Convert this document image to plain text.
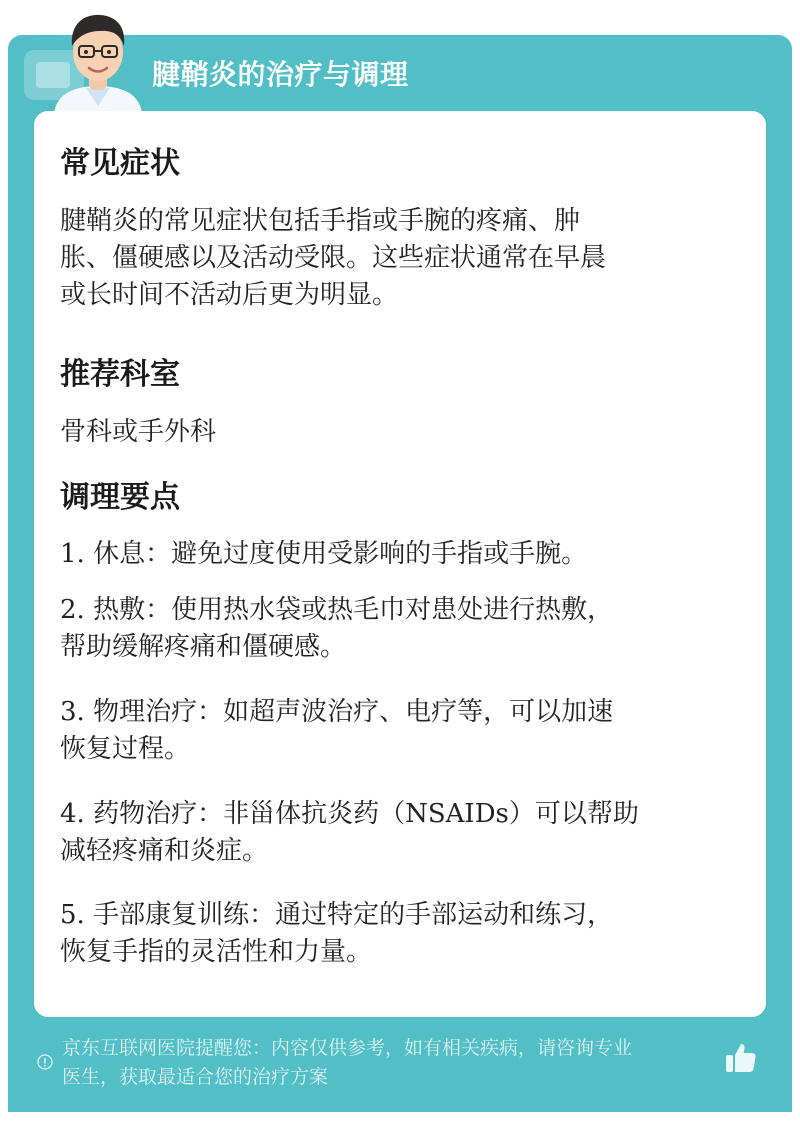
腱鞘炎的治疗与调理
常见症状
腱鞘炎的常见症状包括手指或手腕的疼痛、肿
胀、僵硬感以及活动受限。这些症状通常在早晨
或长时间不活动后更为明显。
推荐科室
骨科或手外科
调理要点
1. 休息：避免过度使用受影响的手指或手腕。
2. 热敷：使用热水袋或热毛巾对患处进行热敷，
帮助缓解疼痛和僵硬感。
3. 物理治疗：如超声波治疗、电疗等，可以加速
恢复过程。
4. 药物治疗：非甾体抗炎药（NSAIDs）可以帮助
减轻疼痛和炎症。
5. 手部康复训练：通过特定的手部运动和练习，
恢复手指的灵活性和力量。
京东互联网医院提醒您：内容仅供参考，如有相关疾病，请咨询专业
医生，获取最适合您的治疗方案
